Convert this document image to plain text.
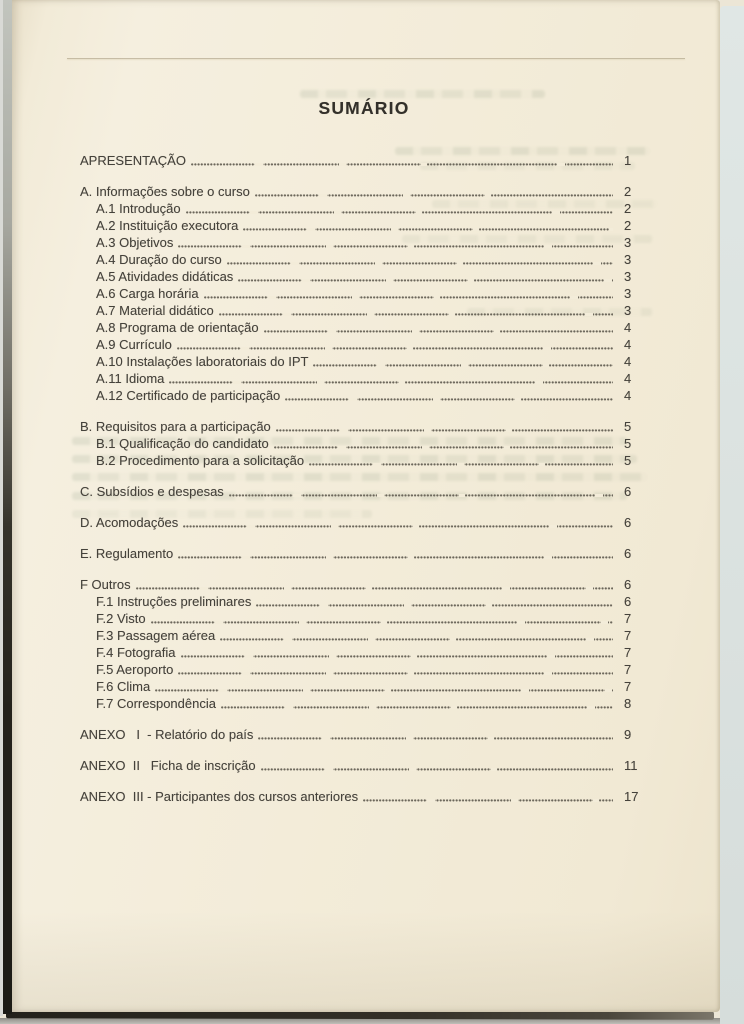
SUMÁRIO
APRESENTAÇÃO	1
A. Informações sobre o curso	2
A.1 Introdução	2
A.2 Instituição executora	2
A.3 Objetivos	3
A.4 Duração do curso	3
A.5 Atividades didáticas	3
A.6 Carga horária	3
A.7 Material didático	3
A.8 Programa de orientação	4
A.9 Currículo	4
A.10 Instalações laboratoriais do IPT	4
A.11 Idioma	4
A.12 Certificado de participação	4
B. Requisitos para a participação	5
B.1 Qualificação do candidato	5
B.2 Procedimento para a solicitação	5
C. Subsídios e despesas	6
D. Acomodações	6
E. Regulamento	6
F Outros	6
F.1 Instruções preliminares	6
F.2 Visto	7
F.3 Passagem aérea	7
F.4 Fotografia	7
F.5 Aeroporto	7
F.6 Clima	7
F.7 Correspondência	8
ANEXO   I  - Relatório do país	9
ANEXO  II   Ficha de inscrição	11
ANEXO  III - Participantes dos cursos anteriores	17
